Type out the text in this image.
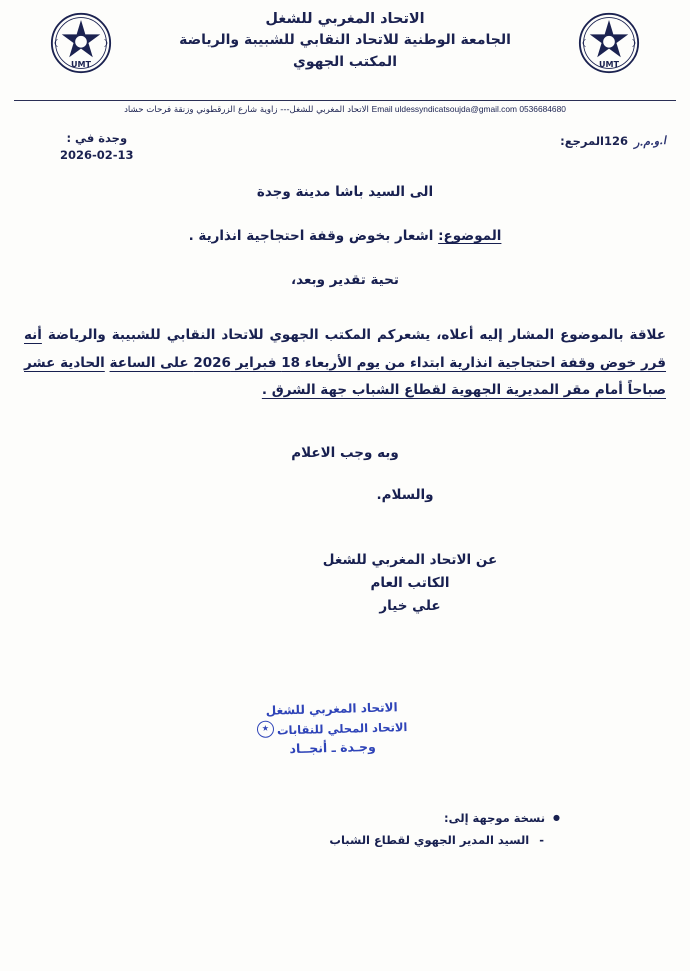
UMT	UMT
الاتحاد المغربي للشغل
الجامعة الوطنية للاتحاد النقابي للشبيبة والرياضة
المكتب الجهوي
0536684680 Email uldessyndicatsoujda@gmail.com الاتحاد المغربي للشغل--- زاوية شارع الزرقطوني وزنقة فرحات حشاد
ا.و.م.ر 126المرجع:
وجدة في :
2026-02-13
الى السيد باشا مدينة وجدة
الموضوع: اشعار بخوض وقفة احتجاجية انذارية .
تحية تقدير وبعد،
علاقة بالموضوع المشار إليه أعلاه، يشعركم المكتب الجهوي للاتحاد النقابي للشبيبة والرياضة أنه قرر خوض وقفة احتجاجية انذارية ابتداء من يوم الأربعاء 18 فبراير 2026 على الساعة الحادية عشر صباحاً أمام مقر المديرية الجهوية لقطاع الشباب جهة الشرق .
وبه وجب الاعلام
والسلام.
عن الاتحاد المغربي للشغل
الكاتب العام
علي خيار
الاتحاد المغربي للشغل
الاتحاد المحلي للنقابات★
وجـدة ـ أنجــاد
● نسخة موجهة إلى:
- السيد المدير الجهوي لقطاع الشباب
